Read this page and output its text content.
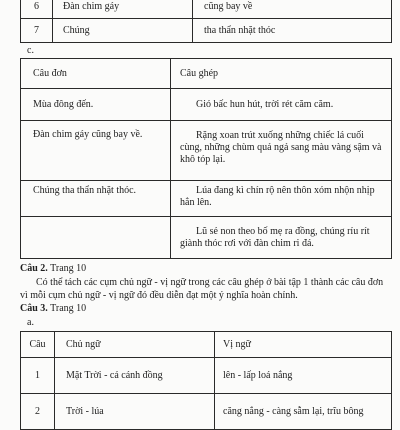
6	Đàn chim gáy	cũng bay về
7	Chúng	tha thẩn nhặt thóc
c.
Câu đơn	Câu ghép
Mùa đông đến.	Gió bấc hun hút, trời rét căm căm.
Đàn chim gáy cũng bay về.	Rặng xoan trút xuống những chiếc lá cuối cùng, những chùm quả ngả sang màu vàng sậm và khô tóp lại.
Chúng tha thẩn nhặt thóc.	Lúa đang kì chín rộ nên thôn xóm nhộn nhịp hẳn lên.
	Lũ sẻ non theo bố mẹ ra đồng, chúng ríu rít giành thóc rơi với đàn chim ri đá.
Câu 2. Trang 10
Có thể tách các cụm chủ ngữ - vị ngữ trong các câu ghép ở bài tập 1 thành các câu đơn vì mỗi cụm chủ ngữ - vị ngữ đó đều diễn đạt một ý nghĩa hoàn chỉnh.
Câu 3. Trang 10
a.
Câu	Chủ ngữ	Vị ngữ
1	Mặt Trời - cả cánh đồng	lên - lấp loá nắng
2	Trời - lúa	căng nắng - càng sẫm lại, trĩu bông
